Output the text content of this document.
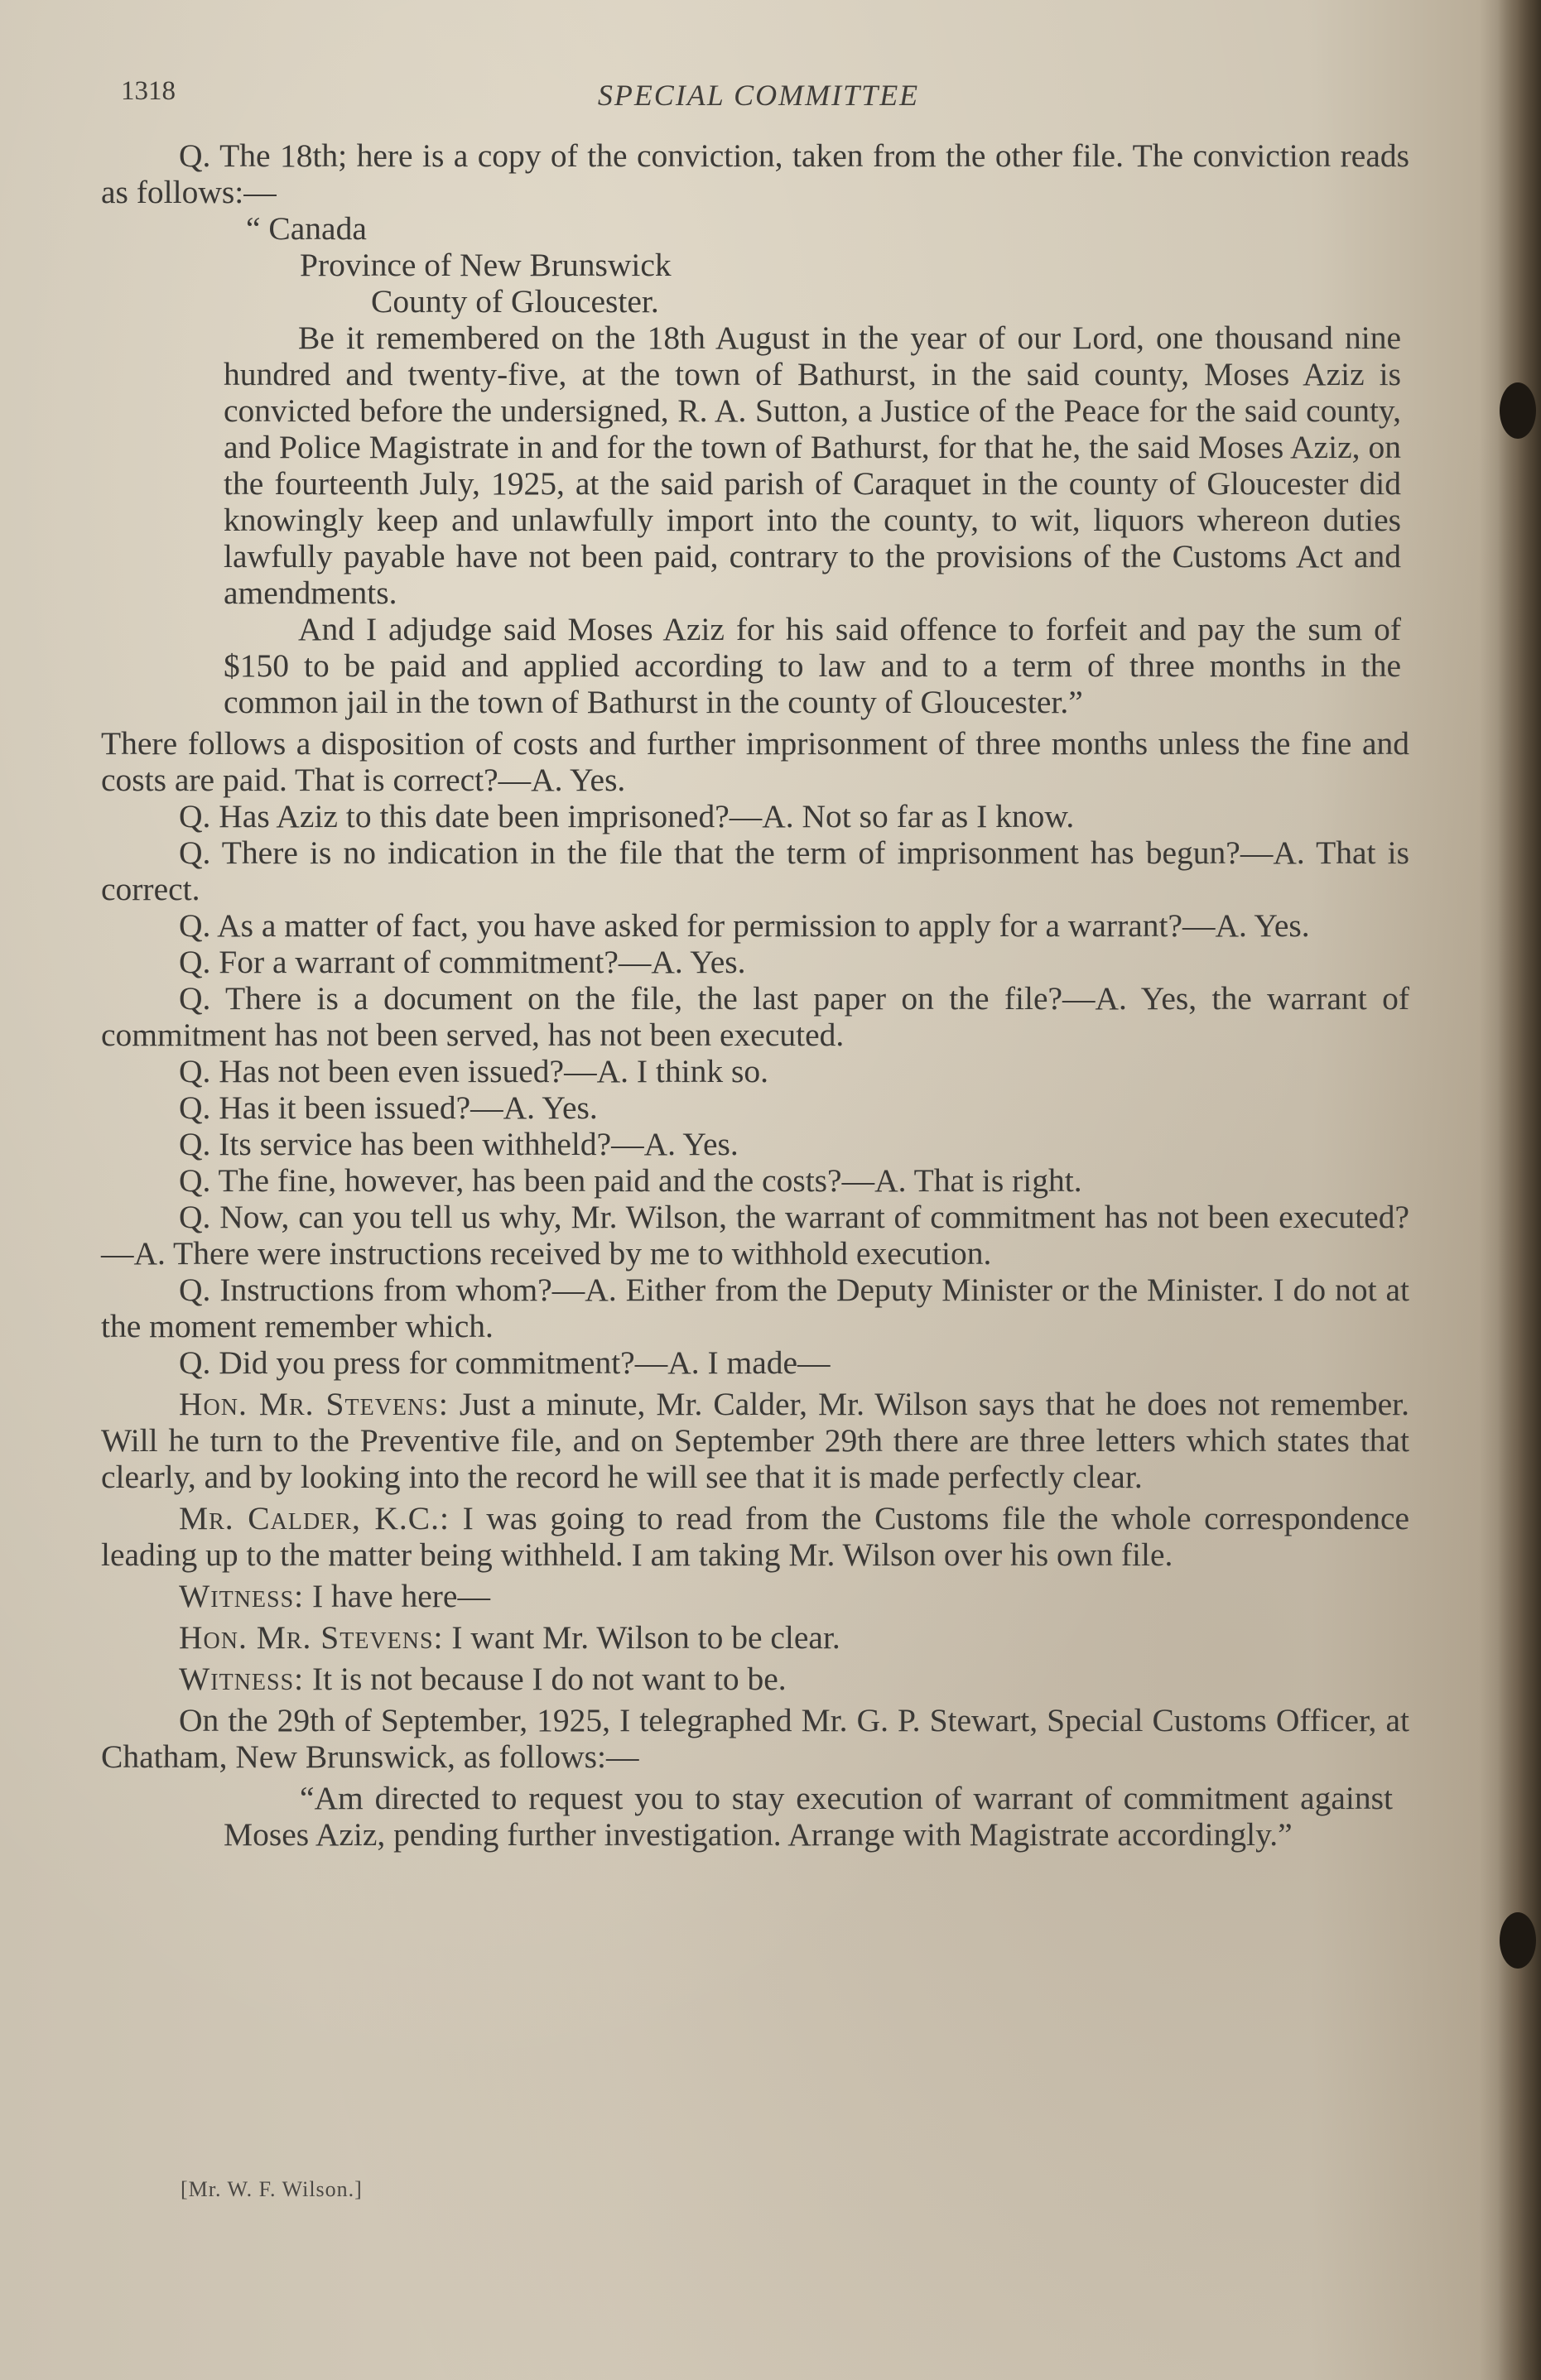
1318	SPECIAL COMMITTEE

Q. The 18th; here is a copy of the conviction, taken from the other file. The conviction reads as follows:—

“ Canada

Province of New Brunswick

County of Gloucester.

Be it remembered on the 18th August in the year of our Lord, one thousand nine hundred and twenty-five, at the town of Bathurst, in the said county, Moses Aziz is convicted before the undersigned, R. A. Sutton, a Justice of the Peace for the said county, and Police Magistrate in and for the town of Bathurst, for that he, the said Moses Aziz, on the fourteenth July, 1925, at the said parish of Caraquet in the county of Gloucester did knowingly keep and unlawfully import into the county, to wit, liquors whereon duties lawfully payable have not been paid, contrary to the provisions of the Customs Act and amendments.

And I adjudge said Moses Aziz for his said offence to forfeit and pay the sum of $150 to be paid and applied according to law and to a term of three months in the common jail in the town of Bathurst in the county of Gloucester.”

There follows a disposition of costs and further imprisonment of three months unless the fine and costs are paid. That is correct?—A. Yes.

Q. Has Aziz to this date been imprisoned?—A. Not so far as I know.

Q. There is no indication in the file that the term of imprisonment has begun?—A. That is correct.

Q. As a matter of fact, you have asked for permission to apply for a warrant?—A. Yes.

Q. For a warrant of commitment?—A. Yes.

Q. There is a document on the file, the last paper on the file?—A. Yes, the warrant of commitment has not been served, has not been executed.

Q. Has not been even issued?—A. I think so.

Q. Has it been issued?—A. Yes.

Q. Its service has been withheld?—A. Yes.

Q. The fine, however, has been paid and the costs?—A. That is right.

Q. Now, can you tell us why, Mr. Wilson, the warrant of commitment has not been executed?—A. There were instructions received by me to withhold execution.

Q. Instructions from whom?—A. Either from the Deputy Minister or the Minister. I do not at the moment remember which.

Q. Did you press for commitment?—A. I made—

Hon. Mr. Stevens: Just a minute, Mr. Calder, Mr. Wilson says that he does not remember. Will he turn to the Preventive file, and on September 29th there are three letters which states that clearly, and by looking into the record he will see that it is made perfectly clear.

Mr. Calder, K.C.: I was going to read from the Customs file the whole correspondence leading up to the matter being withheld. I am taking Mr. Wilson over his own file.

Witness: I have here—

Hon. Mr. Stevens: I want Mr. Wilson to be clear.

Witness: It is not because I do not want to be.

On the 29th of September, 1925, I telegraphed Mr. G. P. Stewart, Special Customs Officer, at Chatham, New Brunswick, as follows:—

“Am directed to request you to stay execution of warrant of commitment against Moses Aziz, pending further investigation. Arrange with Magistrate accordingly.”

[Mr. W. F. Wilson.]
